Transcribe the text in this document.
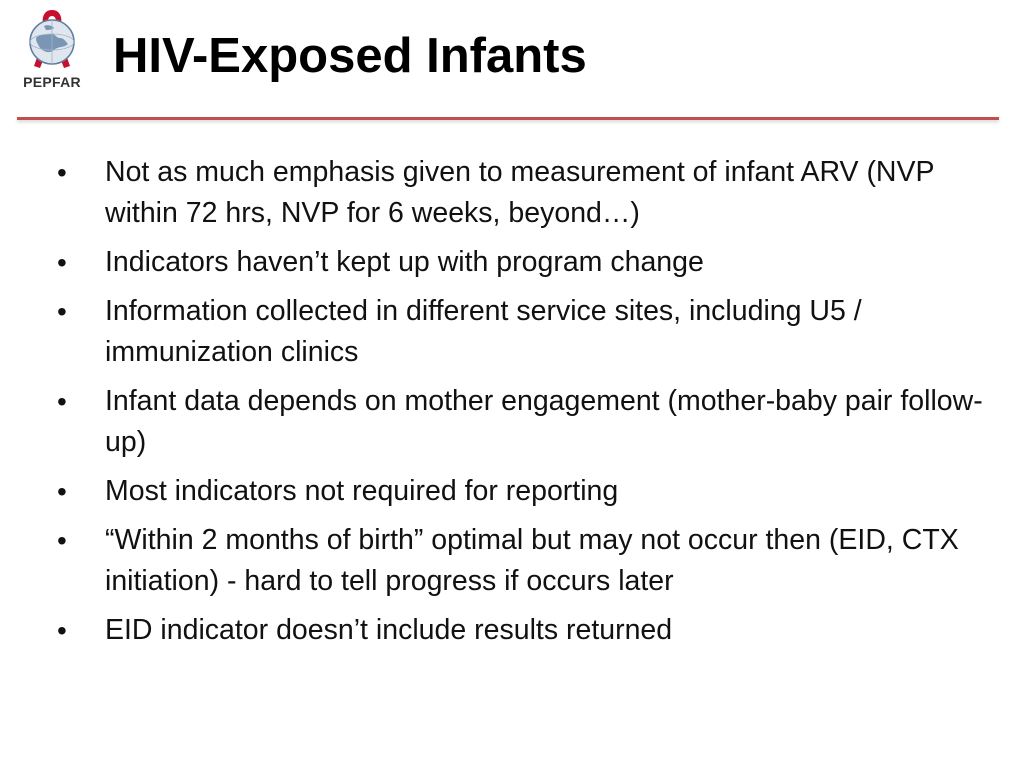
PEPFAR HIV-Exposed Infants
• Not as much emphasis given to measurement of infant ARV (NVP within 72 hrs, NVP for 6 weeks, beyond…)
• Indicators haven’t kept up with program change
• Information collected in different service sites, including U5 / immunization clinics
• Infant data depends on mother engagement (mother-baby pair follow-up)
• Most indicators not required for reporting
• “Within 2 months of birth” optimal but may not occur then (EID, CTX initiation) - hard to tell progress if occurs later
• EID indicator doesn’t include results returned
